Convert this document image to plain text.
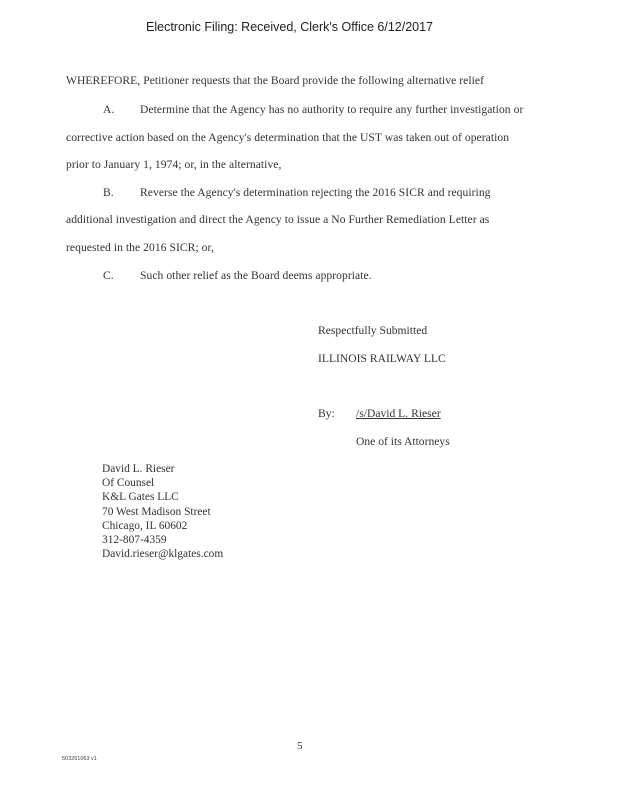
Electronic Filing: Received, Clerk's Office 6/12/2017
WHEREFORE, Petitioner requests that the Board provide the following alternative relief
A. Determine that the Agency has no authority to require any further investigation or
corrective action based on the Agency's determination that the UST was taken out of operation
prior to January 1, 1974; or, in the alternative,
B. Reverse the Agency's determination rejecting the 2016 SICR and requiring
additional investigation and direct the Agency to issue a No Further Remediation Letter as
requested in the 2016 SICR; or,
C. Such other relief as the Board deems appropriate.
Respectfully Submitted
ILLINOIS RAILWAY LLC
By: /s/David L. Rieser
One of its Attorneys
David L. Rieser
Of Counsel
K&L Gates LLC
70 West Madison Street
Chicago, IL 60602
312-807-4359
David.rieser@klgates.com
5
503261063 v1
